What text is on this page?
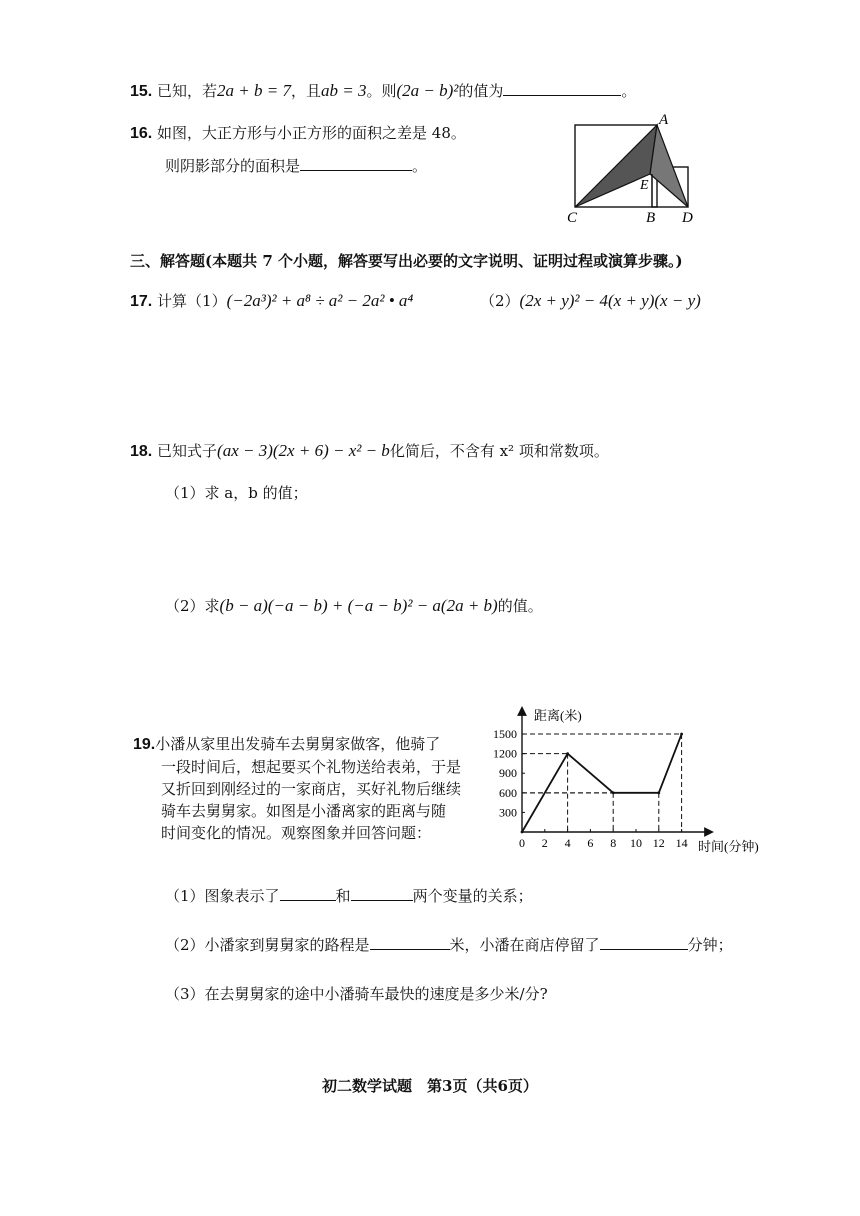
15. 已知，若2a + b = 7，且ab = 3。则(2a − b)²的值为	。
16. 如图，大正方形与小正方形的面积之差是 48。
则阴影部分的面积是	。
A
E
B
C	D
三、解答题(本题共 7 个小题，解答要写出必要的文字说明、证明过程或演算步骤。)
17. 计算（1）(−2a³)² + a⁸ ÷ a² − 2a² • a⁴	（2）(2x + y)² − 4(x + y)(x − y)
18. 已知式子(ax − 3)(2x + 6) − x² − b化简后，不含有 x² 项和常数项。
（1）求 a，b 的值；
（2）求(b − a)(−a − b) + (−a − b)² − a(2a + b)的值。
19.小潘从家里出发骑车去舅舅家做客，他骑了
一段时间后，想起要买个礼物送给表弟，于是
又折回到刚经过的一家商店，买好礼物后继续
骑车去舅舅家。如图是小潘离家的距离与随
时间变化的情况。观察图象并回答问题：
距离(米)
时间(分钟)
0 2 4 6 8 10 12 14
300
600
900
1200
1500
（1）图象表示了	和	两个变量的关系；
（2）小潘家到舅舅家的路程是	米，小潘在商店停留了	分钟；
（3）在去舅舅家的途中小潘骑车最快的速度是多少米/分?
初二数学试题　第3页（共6页）
